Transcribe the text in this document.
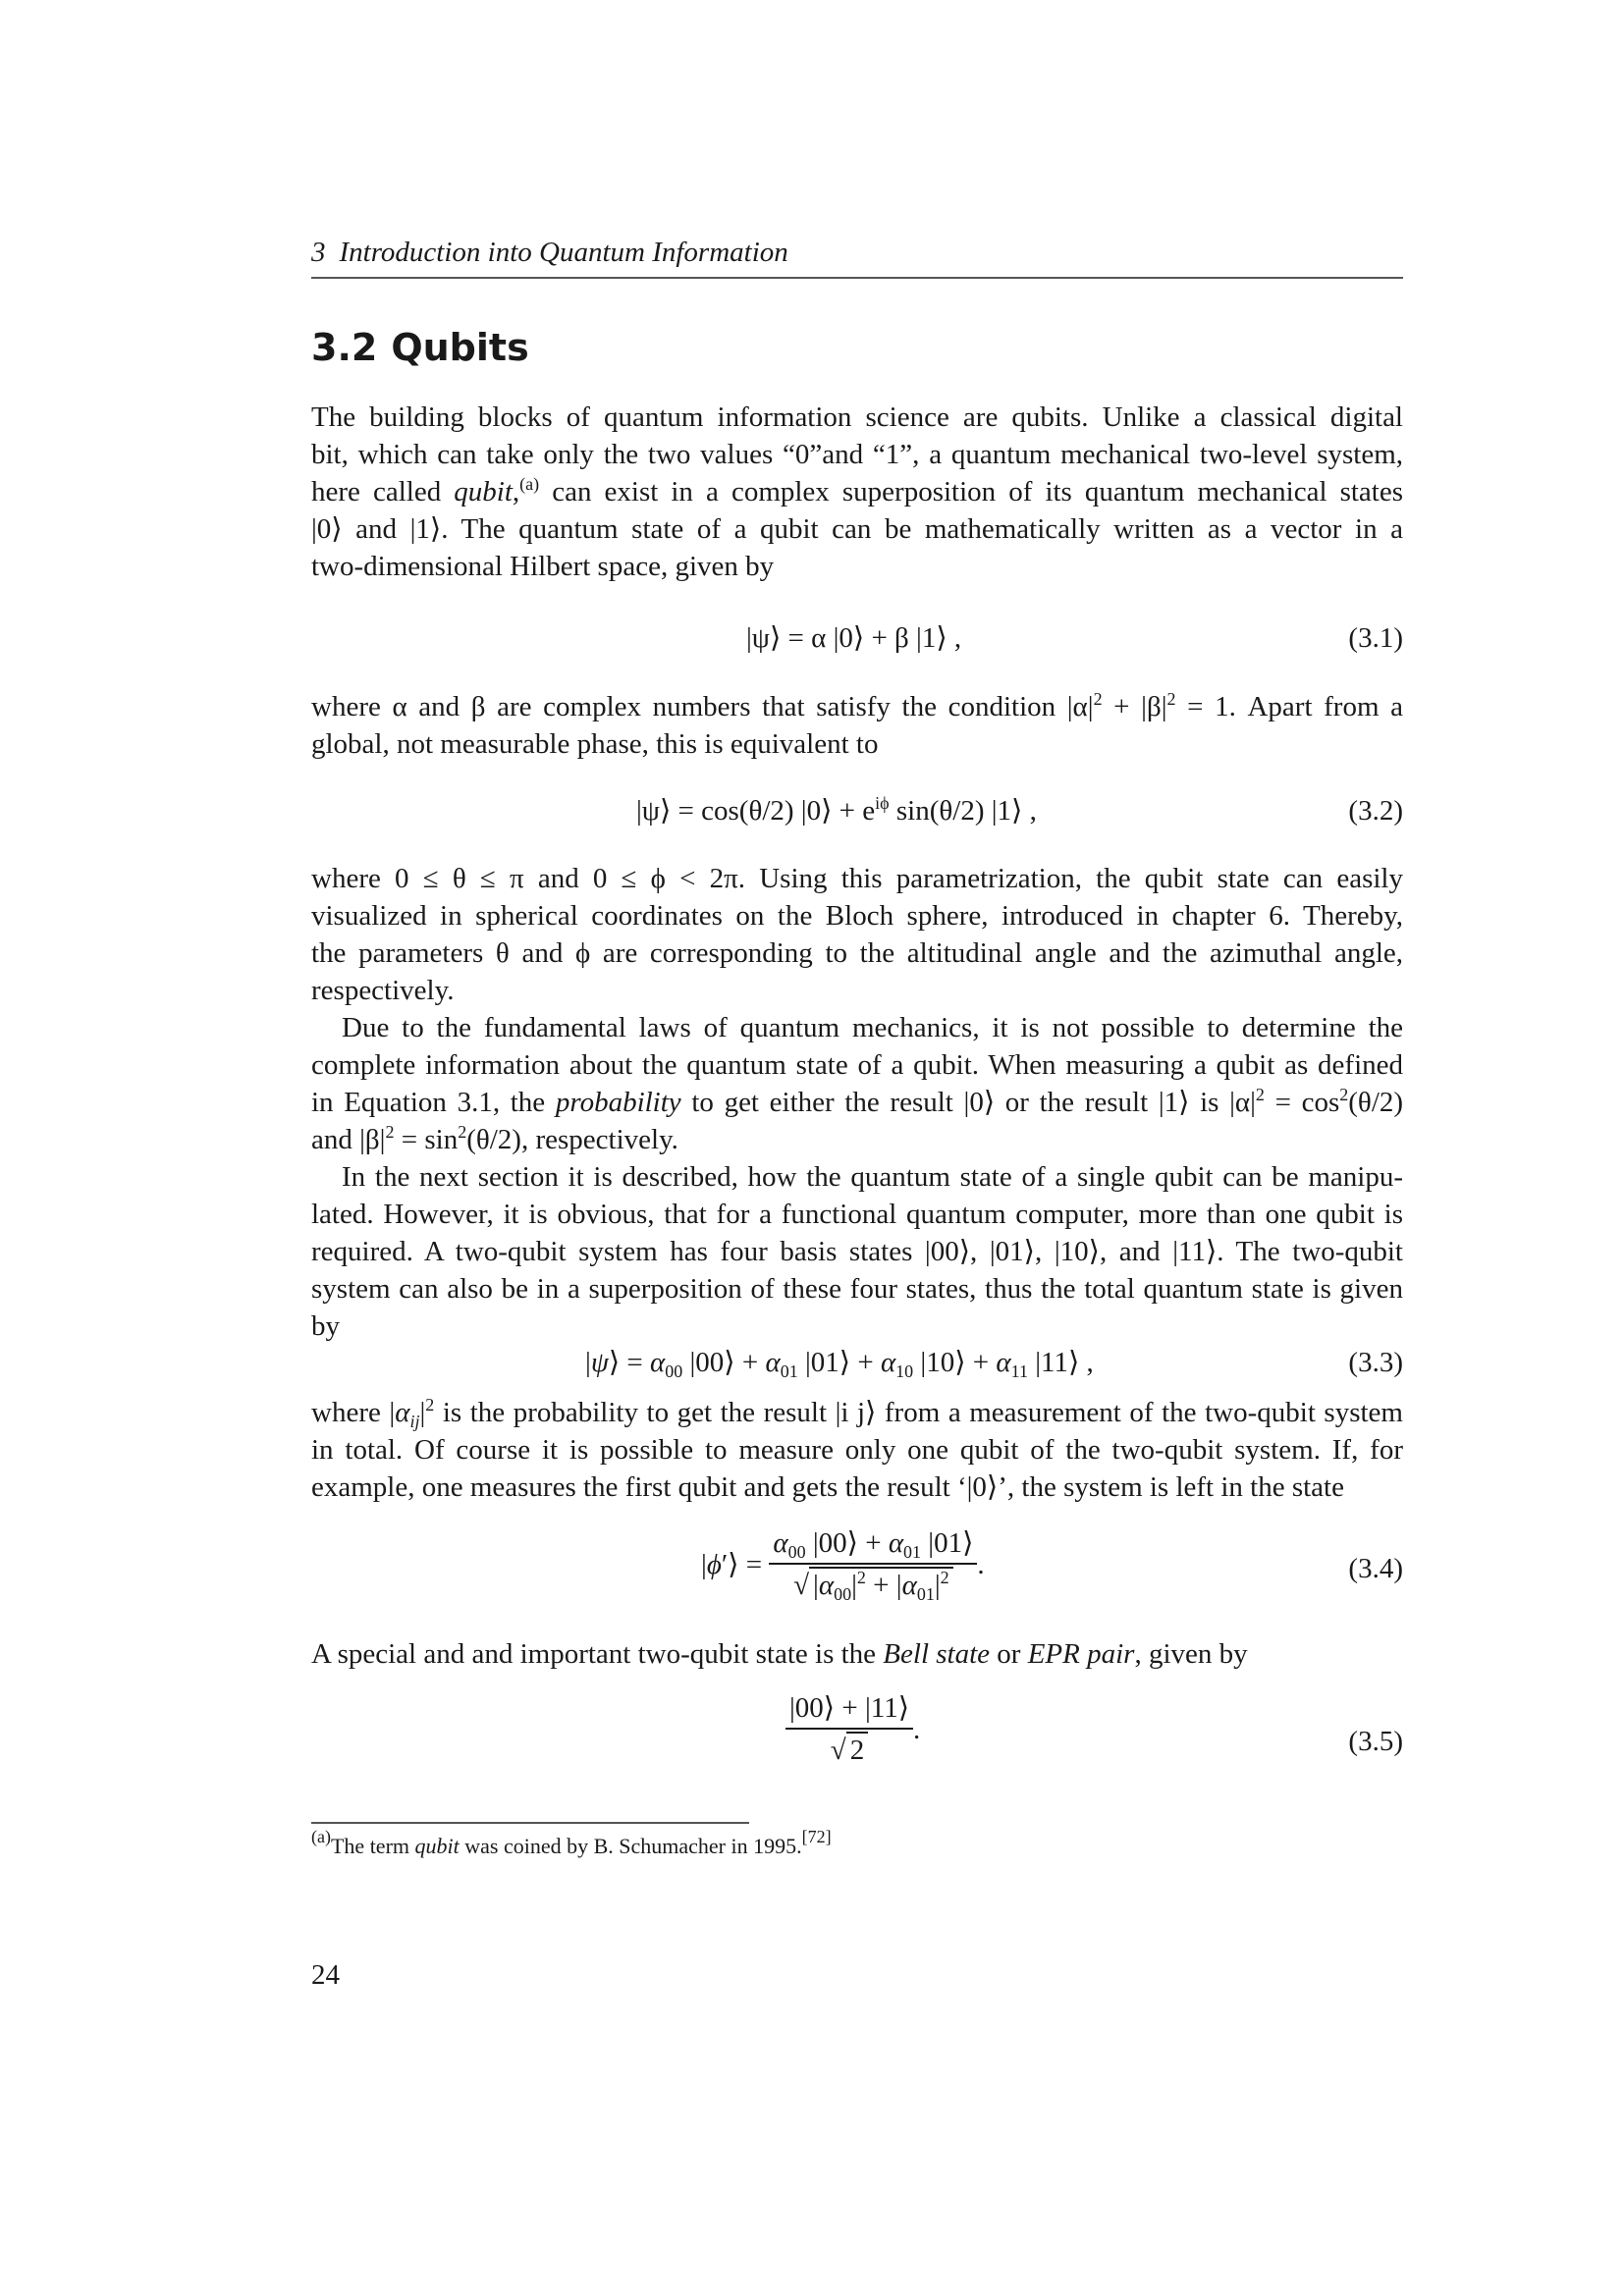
3 Introduction into Quantum Information
3.2 Qubits
The building blocks of quantum information science are qubits. Unlike a classical digital
bit, which can take only the two values “0”and “1”, a quantum mechanical two-level system,
here called qubit,$^{(a)}$ can exist in a complex superposition of its quantum mechanical states
|0⟩ and |1⟩. The quantum state of a qubit can be mathematically written as a vector in a
two-dimensional Hilbert space, given by
|ψ⟩ = α |0⟩ + β |1⟩ ,	(3.1)
where α and β are complex numbers that satisfy the condition $|\alpha|^2 + |\beta|^2 = 1$. Apart from a
global, not measurable phase, this is equivalent to
|ψ⟩ = cos(θ/2) |0⟩ + $e^{i\phi}$ sin(θ/2) |1⟩ ,	(3.2)
where 0 ≤ θ ≤ π and 0 ≤ ϕ < 2π. Using this parametrization, the qubit state can easily
visualized in spherical coordinates on the Bloch sphere, introduced in chapter 6. Thereby,
the parameters θ and ϕ are corresponding to the altitudinal angle and the azimuthal angle,
respectively.
Due to the fundamental laws of quantum mechanics, it is not possible to determine the
complete information about the quantum state of a qubit. When measuring a qubit as defined
in Equation 3.1, the probability to get either the result |0⟩ or the result |1⟩ is $|\alpha|^2 = \cos^2(\theta/2)$
and $|\beta|^2 = \sin^2(\theta/2)$, respectively.
In the next section it is described, how the quantum state of a single qubit can be manipu-
lated. However, it is obvious, that for a functional quantum computer, more than one qubit is
required. A two-qubit system has four basis states |00⟩, |01⟩, |10⟩, and |11⟩. The two-qubit
system can also be in a superposition of these four states, thus the total quantum state is given
by
|ψ⟩ = $\alpha_{00}$ |00⟩ + $\alpha_{01}$ |01⟩ + $\alpha_{10}$ |10⟩ + $\alpha_{11}$ |11⟩ ,	(3.3)
where $|\alpha_{ij}|^2$ is the probability to get the result |i j⟩ from a measurement of the two-qubit system
in total. Of course it is possible to measure only one qubit of the two-qubit system. If, for
example, one measures the first qubit and gets the result ‘|0⟩’, the system is left in the state
|ϕ′⟩ = $\frac{\alpha_{00} |00⟩ + \alpha_{01} |01⟩}{√ |\alpha_{00}|^2 + |\alpha_{01}|^2}$ .	(3.4)
A special and and important two-qubit state is the Bell state or EPR pair, given by
$\frac{|00⟩ + |11⟩}{√ 2}$ .	(3.5)
$^{(a)}$The term qubit was coined by B. Schumacher in 1995.[72]
24
